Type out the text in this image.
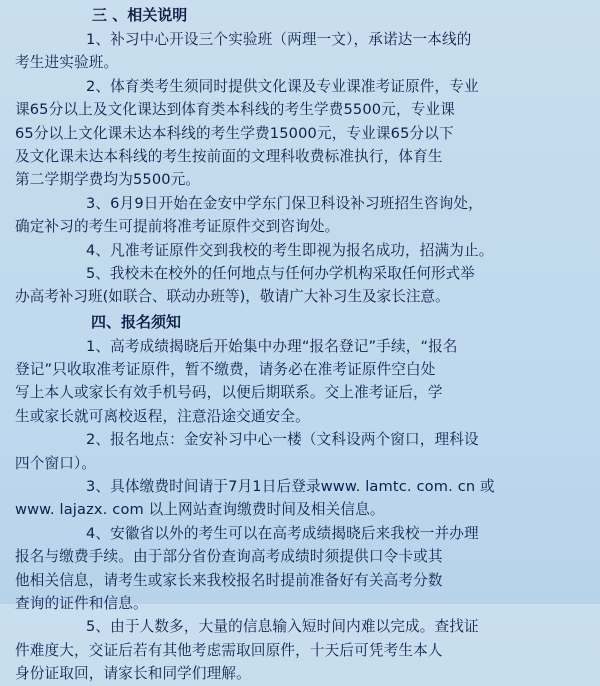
三 、相关说明
1、补习中心开设三个实验班（两理一文），承诺达一本线的
考生进实验班。
2、体育类考生须同时提供文化课及专业课准考证原件，专业
课65分以上及文化课达到体育类本科线的考生学费5500元，专业课
65分以上文化课未达本科线的考生学费15000元，专业课65分以下
及文化课未达本科线的考生按前面的文理科收费标准执行，体育生
第二学期学费均为5500元。
3、6月9日开始在金安中学东门保卫科设补习班招生咨询处，
确定补习的考生可提前将准考证原件交到咨询处。
4、凡准考证原件交到我校的考生即视为报名成功，招满为止。
5、我校未在校外的任何地点与任何办学机构采取任何形式举
办高考补习班(如联合、联动办班等)，敬请广大补习生及家长注意。
四、报名须知
1、高考成绩揭晓后开始集中办理“报名登记”手续，“报名
登记”只收取准考证原件，暂不缴费，请务必在准考证原件空白处
写上本人或家长有效手机号码，以便后期联系。交上准考证后，学
生或家长就可离校返程，注意沿途交通安全。
2、报名地点：金安补习中心一楼（文科设两个窗口，理科设
四个窗口）。
3、具体缴费时间请于7月1日后登录www. lamtc. com. cn 或
www. lajazx. com 以上网站查询缴费时间及相关信息。
4、安徽省以外的考生可以在高考成绩揭晓后来我校一并办理
报名与缴费手续。由于部分省份查询高考成绩时须提供口令卡或其
他相关信息，请考生或家长来我校报名时提前准备好有关高考分数
查询的证件和信息。
5、由于人数多，大量的信息输入短时间内难以完成。查找证
件难度大，交证后若有其他考虑需取回原件，十天后可凭考生本人
身份证取回，请家长和同学们理解。
